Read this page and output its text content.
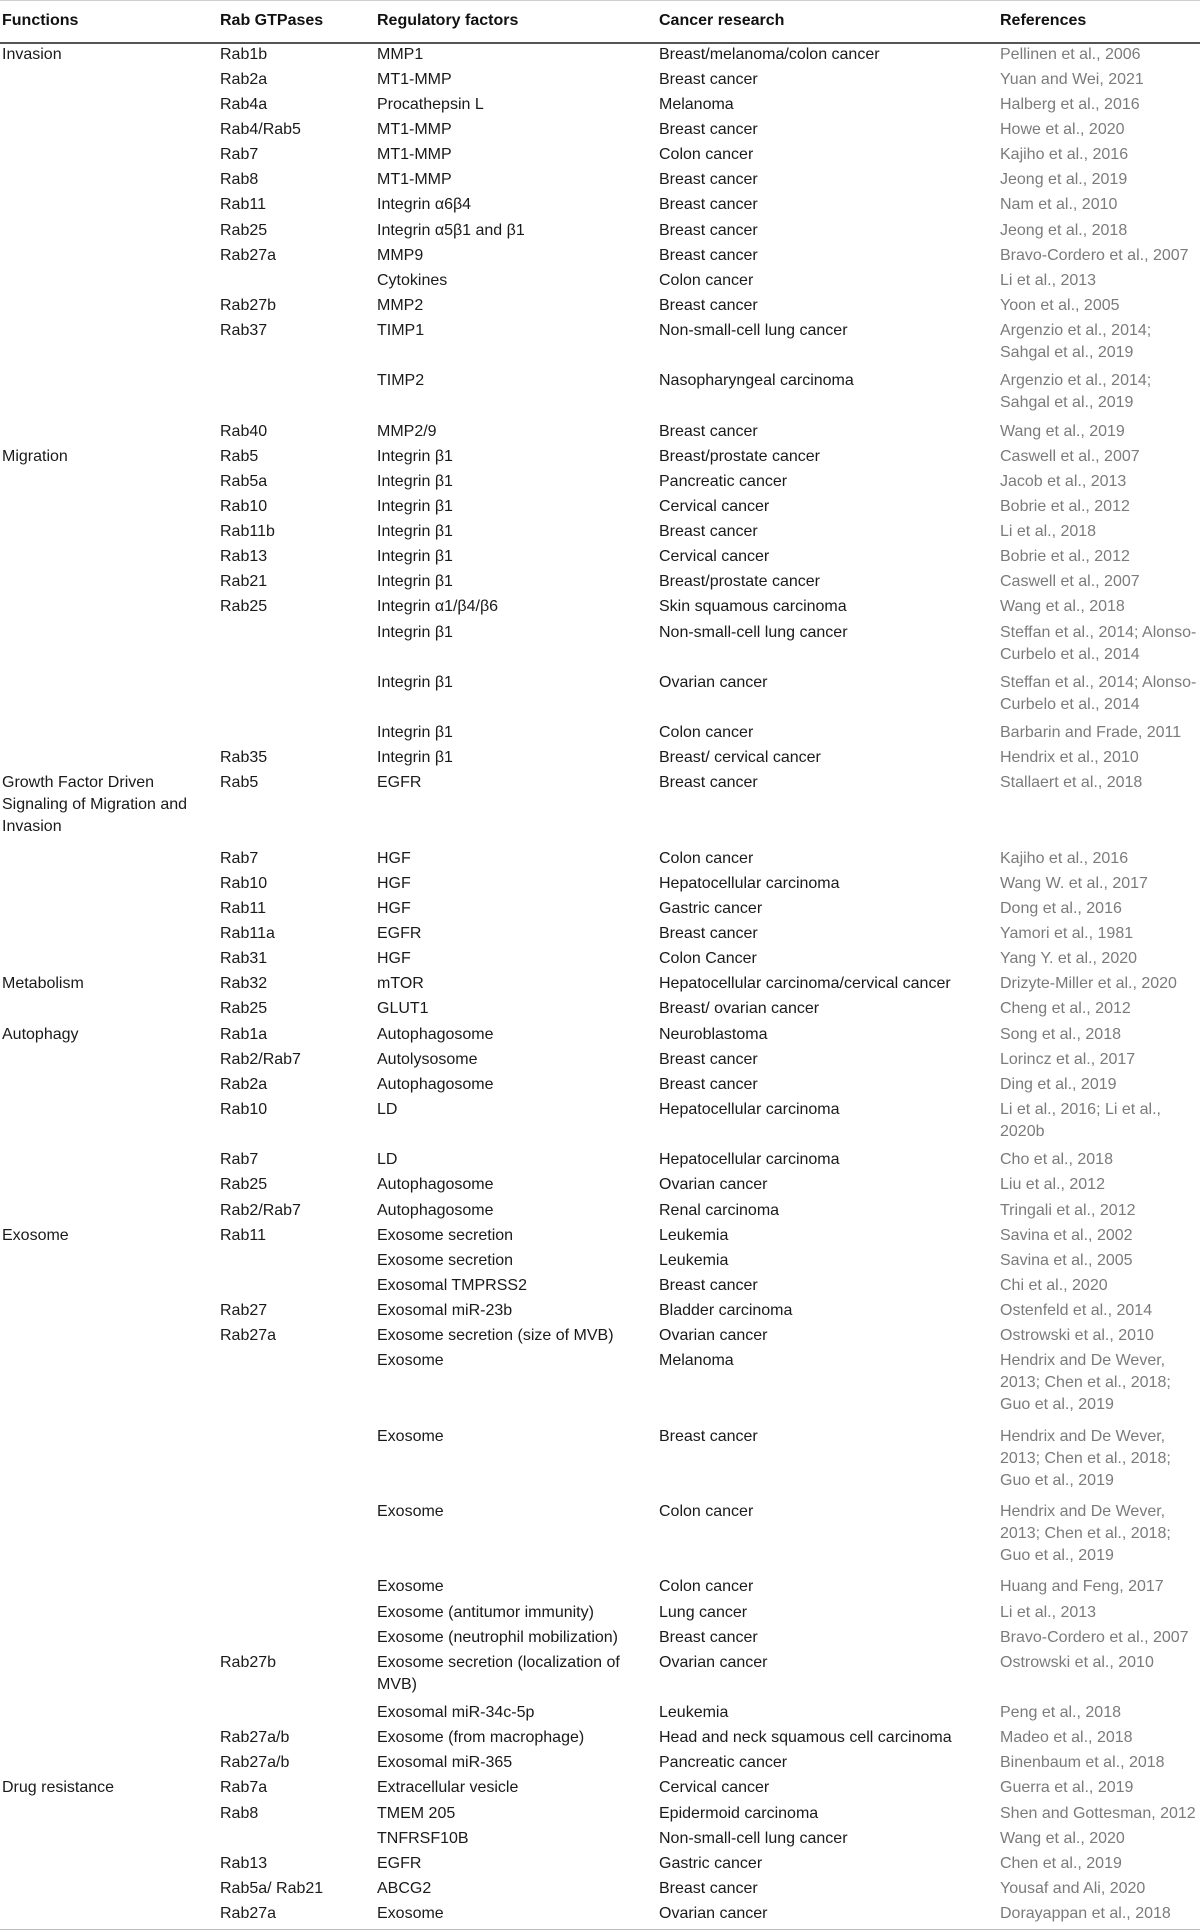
Functions	Rab GTPases	Regulatory factors	Cancer research	References
Invasion	Rab1b	MMP1	Breast/melanoma/colon cancer	Pellinen et al., 2006
	Rab2a	MT1-MMP	Breast cancer	Yuan and Wei, 2021
	Rab4a	Procathepsin L	Melanoma	Halberg et al., 2016
	Rab4/Rab5	MT1-MMP	Breast cancer	Howe et al., 2020
	Rab7	MT1-MMP	Colon cancer	Kajiho et al., 2016
	Rab8	MT1-MMP	Breast cancer	Jeong et al., 2019
	Rab11	Integrin α6β4	Breast cancer	Nam et al., 2010
	Rab25	Integrin α5β1 and β1	Breast cancer	Jeong et al., 2018
	Rab27a	MMP9	Breast cancer	Bravo-Cordero et al., 2007
		Cytokines	Colon cancer	Li et al., 2013
	Rab27b	MMP2	Breast cancer	Yoon et al., 2005
	Rab37	TIMP1	Non-small-cell lung cancer	Argenzio et al., 2014; Sahgal et al., 2019
		TIMP2	Nasopharyngeal carcinoma	Argenzio et al., 2014; Sahgal et al., 2019
	Rab40	MMP2/9	Breast cancer	Wang et al., 2019
Migration	Rab5	Integrin β1	Breast/prostate cancer	Caswell et al., 2007
	Rab5a	Integrin β1	Pancreatic cancer	Jacob et al., 2013
	Rab10	Integrin β1	Cervical cancer	Bobrie et al., 2012
	Rab11b	Integrin β1	Breast cancer	Li et al., 2018
	Rab13	Integrin β1	Cervical cancer	Bobrie et al., 2012
	Rab21	Integrin β1	Breast/prostate cancer	Caswell et al., 2007
	Rab25	Integrin α1/β4/β6	Skin squamous carcinoma	Wang et al., 2018
		Integrin β1	Non-small-cell lung cancer	Steffan et al., 2014; Alonso-Curbelo et al., 2014
		Integrin β1	Ovarian cancer	Steffan et al., 2014; Alonso-Curbelo et al., 2014
		Integrin β1	Colon cancer	Barbarin and Frade, 2011
	Rab35	Integrin β1	Breast/ cervical cancer	Hendrix et al., 2010
Growth Factor Driven Signaling of Migration and Invasion	Rab5	EGFR	Breast cancer	Stallaert et al., 2018
	Rab7	HGF	Colon cancer	Kajiho et al., 2016
	Rab10	HGF	Hepatocellular carcinoma	Wang W. et al., 2017
	Rab11	HGF	Gastric cancer	Dong et al., 2016
	Rab11a	EGFR	Breast cancer	Yamori et al., 1981
	Rab31	HGF	Colon Cancer	Yang Y. et al., 2020
Metabolism	Rab32	mTOR	Hepatocellular carcinoma/cervical cancer	Drizyte-Miller et al., 2020
	Rab25	GLUT1	Breast/ ovarian cancer	Cheng et al., 2012
Autophagy	Rab1a	Autophagosome	Neuroblastoma	Song et al., 2018
	Rab2/Rab7	Autolysosome	Breast cancer	Lorincz et al., 2017
	Rab2a	Autophagosome	Breast cancer	Ding et al., 2019
	Rab10	LD	Hepatocellular carcinoma	Li et al., 2016; Li et al., 2020b
	Rab7	LD	Hepatocellular carcinoma	Cho et al., 2018
	Rab25	Autophagosome	Ovarian cancer	Liu et al., 2012
	Rab2/Rab7	Autophagosome	Renal carcinoma	Tringali et al., 2012
Exosome	Rab11	Exosome secretion	Leukemia	Savina et al., 2002
		Exosome secretion	Leukemia	Savina et al., 2005
		Exosomal TMPRSS2	Breast cancer	Chi et al., 2020
	Rab27	Exosomal miR-23b	Bladder carcinoma	Ostenfeld et al., 2014
	Rab27a	Exosome secretion (size of MVB)	Ovarian cancer	Ostrowski et al., 2010
		Exosome	Melanoma	Hendrix and De Wever, 2013; Chen et al., 2018; Guo et al., 2019
		Exosome	Breast cancer	Hendrix and De Wever, 2013; Chen et al., 2018; Guo et al., 2019
		Exosome	Colon cancer	Hendrix and De Wever, 2013; Chen et al., 2018; Guo et al., 2019
		Exosome	Colon cancer	Huang and Feng, 2017
		Exosome (antitumor immunity)	Lung cancer	Li et al., 2013
		Exosome (neutrophil mobilization)	Breast cancer	Bravo-Cordero et al., 2007
	Rab27b	Exosome secretion (localization of MVB)	Ovarian cancer	Ostrowski et al., 2010
		Exosomal miR-34c-5p	Leukemia	Peng et al., 2018
	Rab27a/b	Exosome (from macrophage)	Head and neck squamous cell carcinoma	Madeo et al., 2018
	Rab27a/b	Exosomal miR-365	Pancreatic cancer	Binenbaum et al., 2018
Drug resistance	Rab7a	Extracellular vesicle	Cervical cancer	Guerra et al., 2019
	Rab8	TMEM 205	Epidermoid carcinoma	Shen and Gottesman, 2012
		TNFRSF10B	Non-small-cell lung cancer	Wang et al., 2020
	Rab13	EGFR	Gastric cancer	Chen et al., 2019
	Rab5a/ Rab21	ABCG2	Breast cancer	Yousaf and Ali, 2020
	Rab27a	Exosome	Ovarian cancer	Dorayappan et al., 2018
